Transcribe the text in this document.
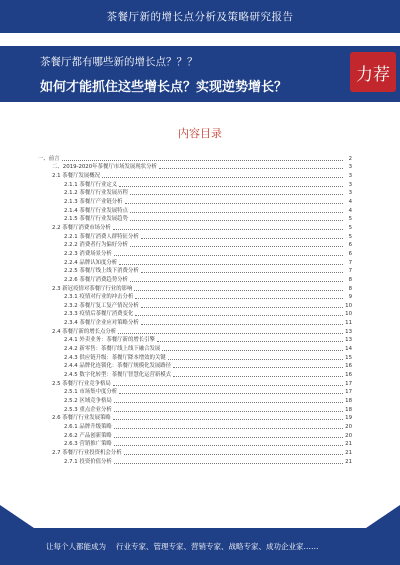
茶餐厅新的增长点分析及策略研究报告
茶餐厅都有哪些新的增长点？？？
如何才能抓住这些增长点？实现逆势增长？
力荐
内容目录
一、前言	2
二、2019-2020年茶餐厅市场发展现状分析	3
2.1 茶餐厅发展概况	3
2.1.1 茶餐厅行业定义	3
2.1.2 茶餐厅行业发展历程	3
2.1.3 茶餐厅产业链分析	4
2.1.4 茶餐厅行业发展特点	4
2.1.5 茶餐厅行业发展趋势	5
2.2 茶餐厅消费市场分析	5
2.2.1 茶餐厅消费人群特征分析	5
2.2.2 消费者行为偏好分析	6
2.2.3 消费场景分析	6
2.2.4 品牌认知度分析	7
2.2.5 茶餐厅线上线下消费分析	7
2.2.6 茶餐厅消费趋势分析	8
2.3 新冠疫情对茶餐厅行业的影响	8
2.3.1 疫情对行业的冲击分析	9
2.3.2 茶餐厅复工复产情况分析	10
2.3.3 疫情后茶餐厅消费变化	10
2.3.4 茶餐厅企业应对策略分析	11
2.4 茶餐厅新的增长点分析	13
2.4.1 外卖业务：茶餐厅新的增长引擎	13
2.4.2 新零售：茶餐厅线上线下融合发展	14
2.4.3 供应链升级：茶餐厅降本增效的关键	15
2.4.4 品牌化连锁化：茶餐厅规模化发展路径	16
2.4.5 数字化转型：茶餐厅智慧化运营新模式	16
2.5 茶餐厅行业竞争格局	17
2.5.1 市场集中度分析	17
2.5.2 区域竞争格局	18
2.5.3 重点企业分析	18
2.6 茶餐厅行业发展策略	19
2.6.1 品牌升级策略	20
2.6.2 产品创新策略	20
2.6.3 营销推广策略	21
2.7 茶餐厅行业投资机会分析	21
2.7.1 投资价值分析	21
让每个人都能成为 行业专家、管理专家、营销专家、战略专家、成功企业家……
